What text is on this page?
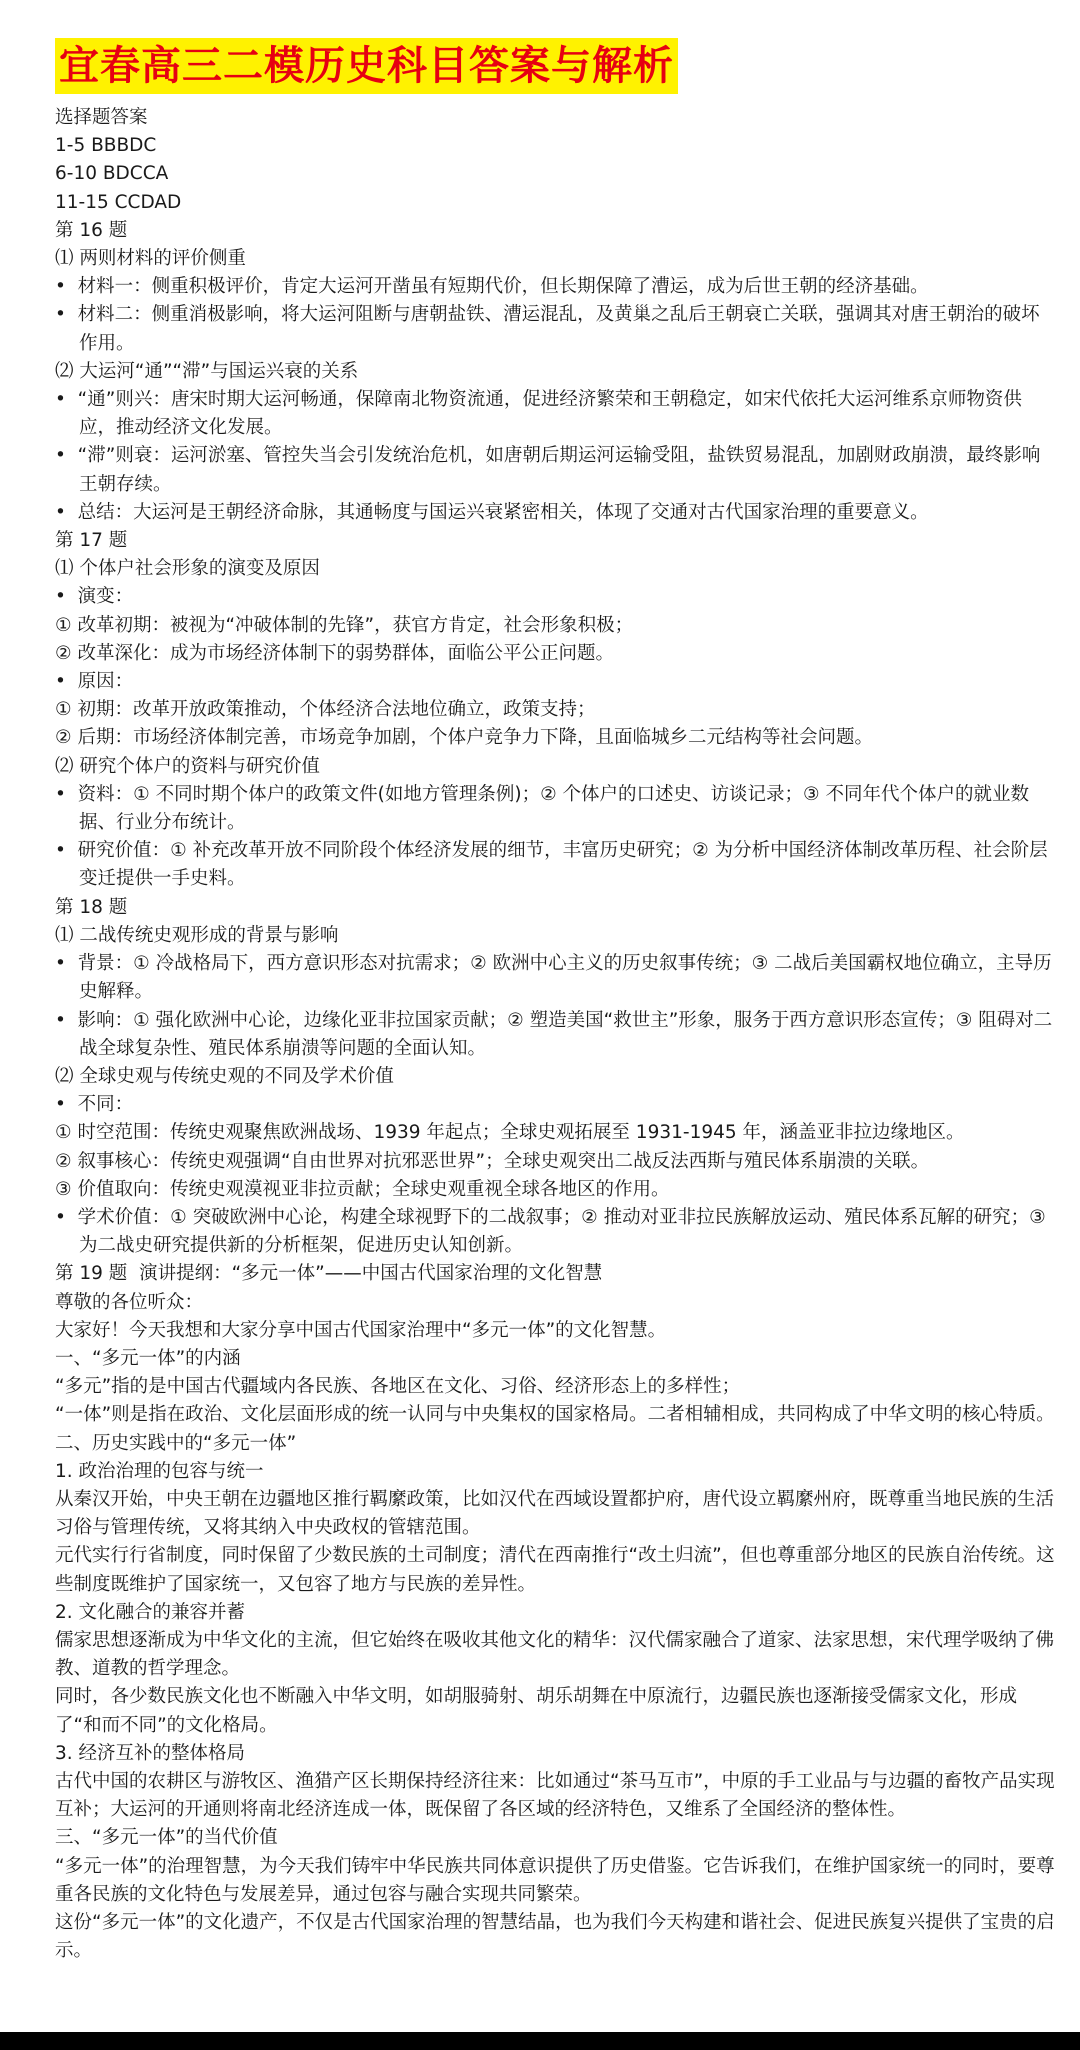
宜春高三二模历史科目答案与解析
选择题答案
1-5 BBBDC
6-10 BDCCA
11-15 CCDAD
第 16 题
⑴ 两则材料的评价侧重
•  材料一：侧重积极评价，肯定大运河开凿虽有短期代价，但长期保障了漕运，成为后世王朝的经济基础。
•  材料二：侧重消极影响，将大运河阻断与唐朝盐铁、漕运混乱，及黄巢之乱后王朝衰亡关联，强调其对唐王朝治的破坏作用。
⑵ 大运河“通”“滞”与国运兴衰的关系
•  “通”则兴：唐宋时期大运河畅通，保障南北物资流通，促进经济繁荣和王朝稳定，如宋代依托大运河维系京师物资供应，推动经济文化发展。
•  “滞”则衰：运河淤塞、管控失当会引发统治危机，如唐朝后期运河运输受阻，盐铁贸易混乱，加剧财政崩溃，最终影响王朝存续。
•  总结：大运河是王朝经济命脉，其通畅度与国运兴衰紧密相关，体现了交通对古代国家治理的重要意义。
第 17 题
⑴ 个体户社会形象的演变及原因
•  演变：
① 改革初期：被视为“冲破体制的先锋”，获官方肯定，社会形象积极；
② 改革深化：成为市场经济体制下的弱势群体，面临公平公正问题。
•  原因：
① 初期：改革开放政策推动，个体经济合法地位确立，政策支持；
② 后期：市场经济体制完善，市场竞争加剧，个体户竞争力下降，且面临城乡二元结构等社会问题。
⑵ 研究个体户的资料与研究价值
•  资料：① 不同时期个体户的政策文件(如地方管理条例)；② 个体户的口述史、访谈记录；③ 不同年代个体户的就业数据、行业分布统计。
•  研究价值：① 补充改革开放不同阶段个体经济发展的细节，丰富历史研究；② 为分析中国经济体制改革历程、社会阶层变迁提供一手史料。
第 18 题
⑴ 二战传统史观形成的背景与影响
•  背景：① 冷战格局下，西方意识形态对抗需求；② 欧洲中心主义的历史叙事传统；③ 二战后美国霸权地位确立，主导历史解释。
•  影响：① 强化欧洲中心论，边缘化亚非拉国家贡献；② 塑造美国“救世主”形象，服务于西方意识形态宣传；③ 阻碍对二战全球复杂性、殖民体系崩溃等问题的全面认知。
⑵ 全球史观与传统史观的不同及学术价值
•  不同：
① 时空范围：传统史观聚焦欧洲战场、1939 年起点；全球史观拓展至 1931-1945 年，涵盖亚非拉边缘地区。
② 叙事核心：传统史观强调“自由世界对抗邪恶世界”；全球史观突出二战反法西斯与殖民体系崩溃的关联。
③ 价值取向：传统史观漠视亚非拉贡献；全球史观重视全球各地区的作用。
•  学术价值：① 突破欧洲中心论，构建全球视野下的二战叙事；② 推动对亚非拉民族解放运动、殖民体系瓦解的研究；③ 为二战史研究提供新的分析框架，促进历史认知创新。
第 19 题  演讲提纲：“多元一体”——中国古代国家治理的文化智慧
尊敬的各位听众：
大家好！今天我想和大家分享中国古代国家治理中“多元一体”的文化智慧。
一、“多元一体”的内涵
“多元”指的是中国古代疆域内各民族、各地区在文化、习俗、经济形态上的多样性；
“一体”则是指在政治、文化层面形成的统一认同与中央集权的国家格局。二者相辅相成，共同构成了中华文明的核心特质。
二、历史实践中的“多元一体”
1. 政治治理的包容与统一
从秦汉开始，中央王朝在边疆地区推行羁縻政策，比如汉代在西域设置都护府，唐代设立羁縻州府，既尊重当地民族的生活习俗与管理传统，又将其纳入中央政权的管辖范围。
元代实行行省制度，同时保留了少数民族的土司制度；清代在西南推行“改土归流”，但也尊重部分地区的民族自治传统。这些制度既维护了国家统一，又包容了地方与民族的差异性。
2. 文化融合的兼容并蓄
儒家思想逐渐成为中华文化的主流，但它始终在吸收其他文化的精华：汉代儒家融合了道家、法家思想，宋代理学吸纳了佛教、道教的哲学理念。
同时，各少数民族文化也不断融入中华文明，如胡服骑射、胡乐胡舞在中原流行，边疆民族也逐渐接受儒家文化，形成了“和而不同”的文化格局。
3. 经济互补的整体格局
古代中国的农耕区与游牧区、渔猎产区长期保持经济往来：比如通过“茶马互市”，中原的手工业品与与边疆的畜牧产品实现互补；大运河的开通则将南北经济连成一体，既保留了各区域的经济特色，又维系了全国经济的整体性。
三、“多元一体”的当代价值
“多元一体”的治理智慧，为今天我们铸牢中华民族共同体意识提供了历史借鉴。它告诉我们，在维护国家统一的同时，要尊重各民族的文化特色与发展差异，通过包容与融合实现共同繁荣。
这份“多元一体”的文化遗产，不仅是古代国家治理的智慧结晶，也为我们今天构建和谐社会、促进民族复兴提供了宝贵的启示。
